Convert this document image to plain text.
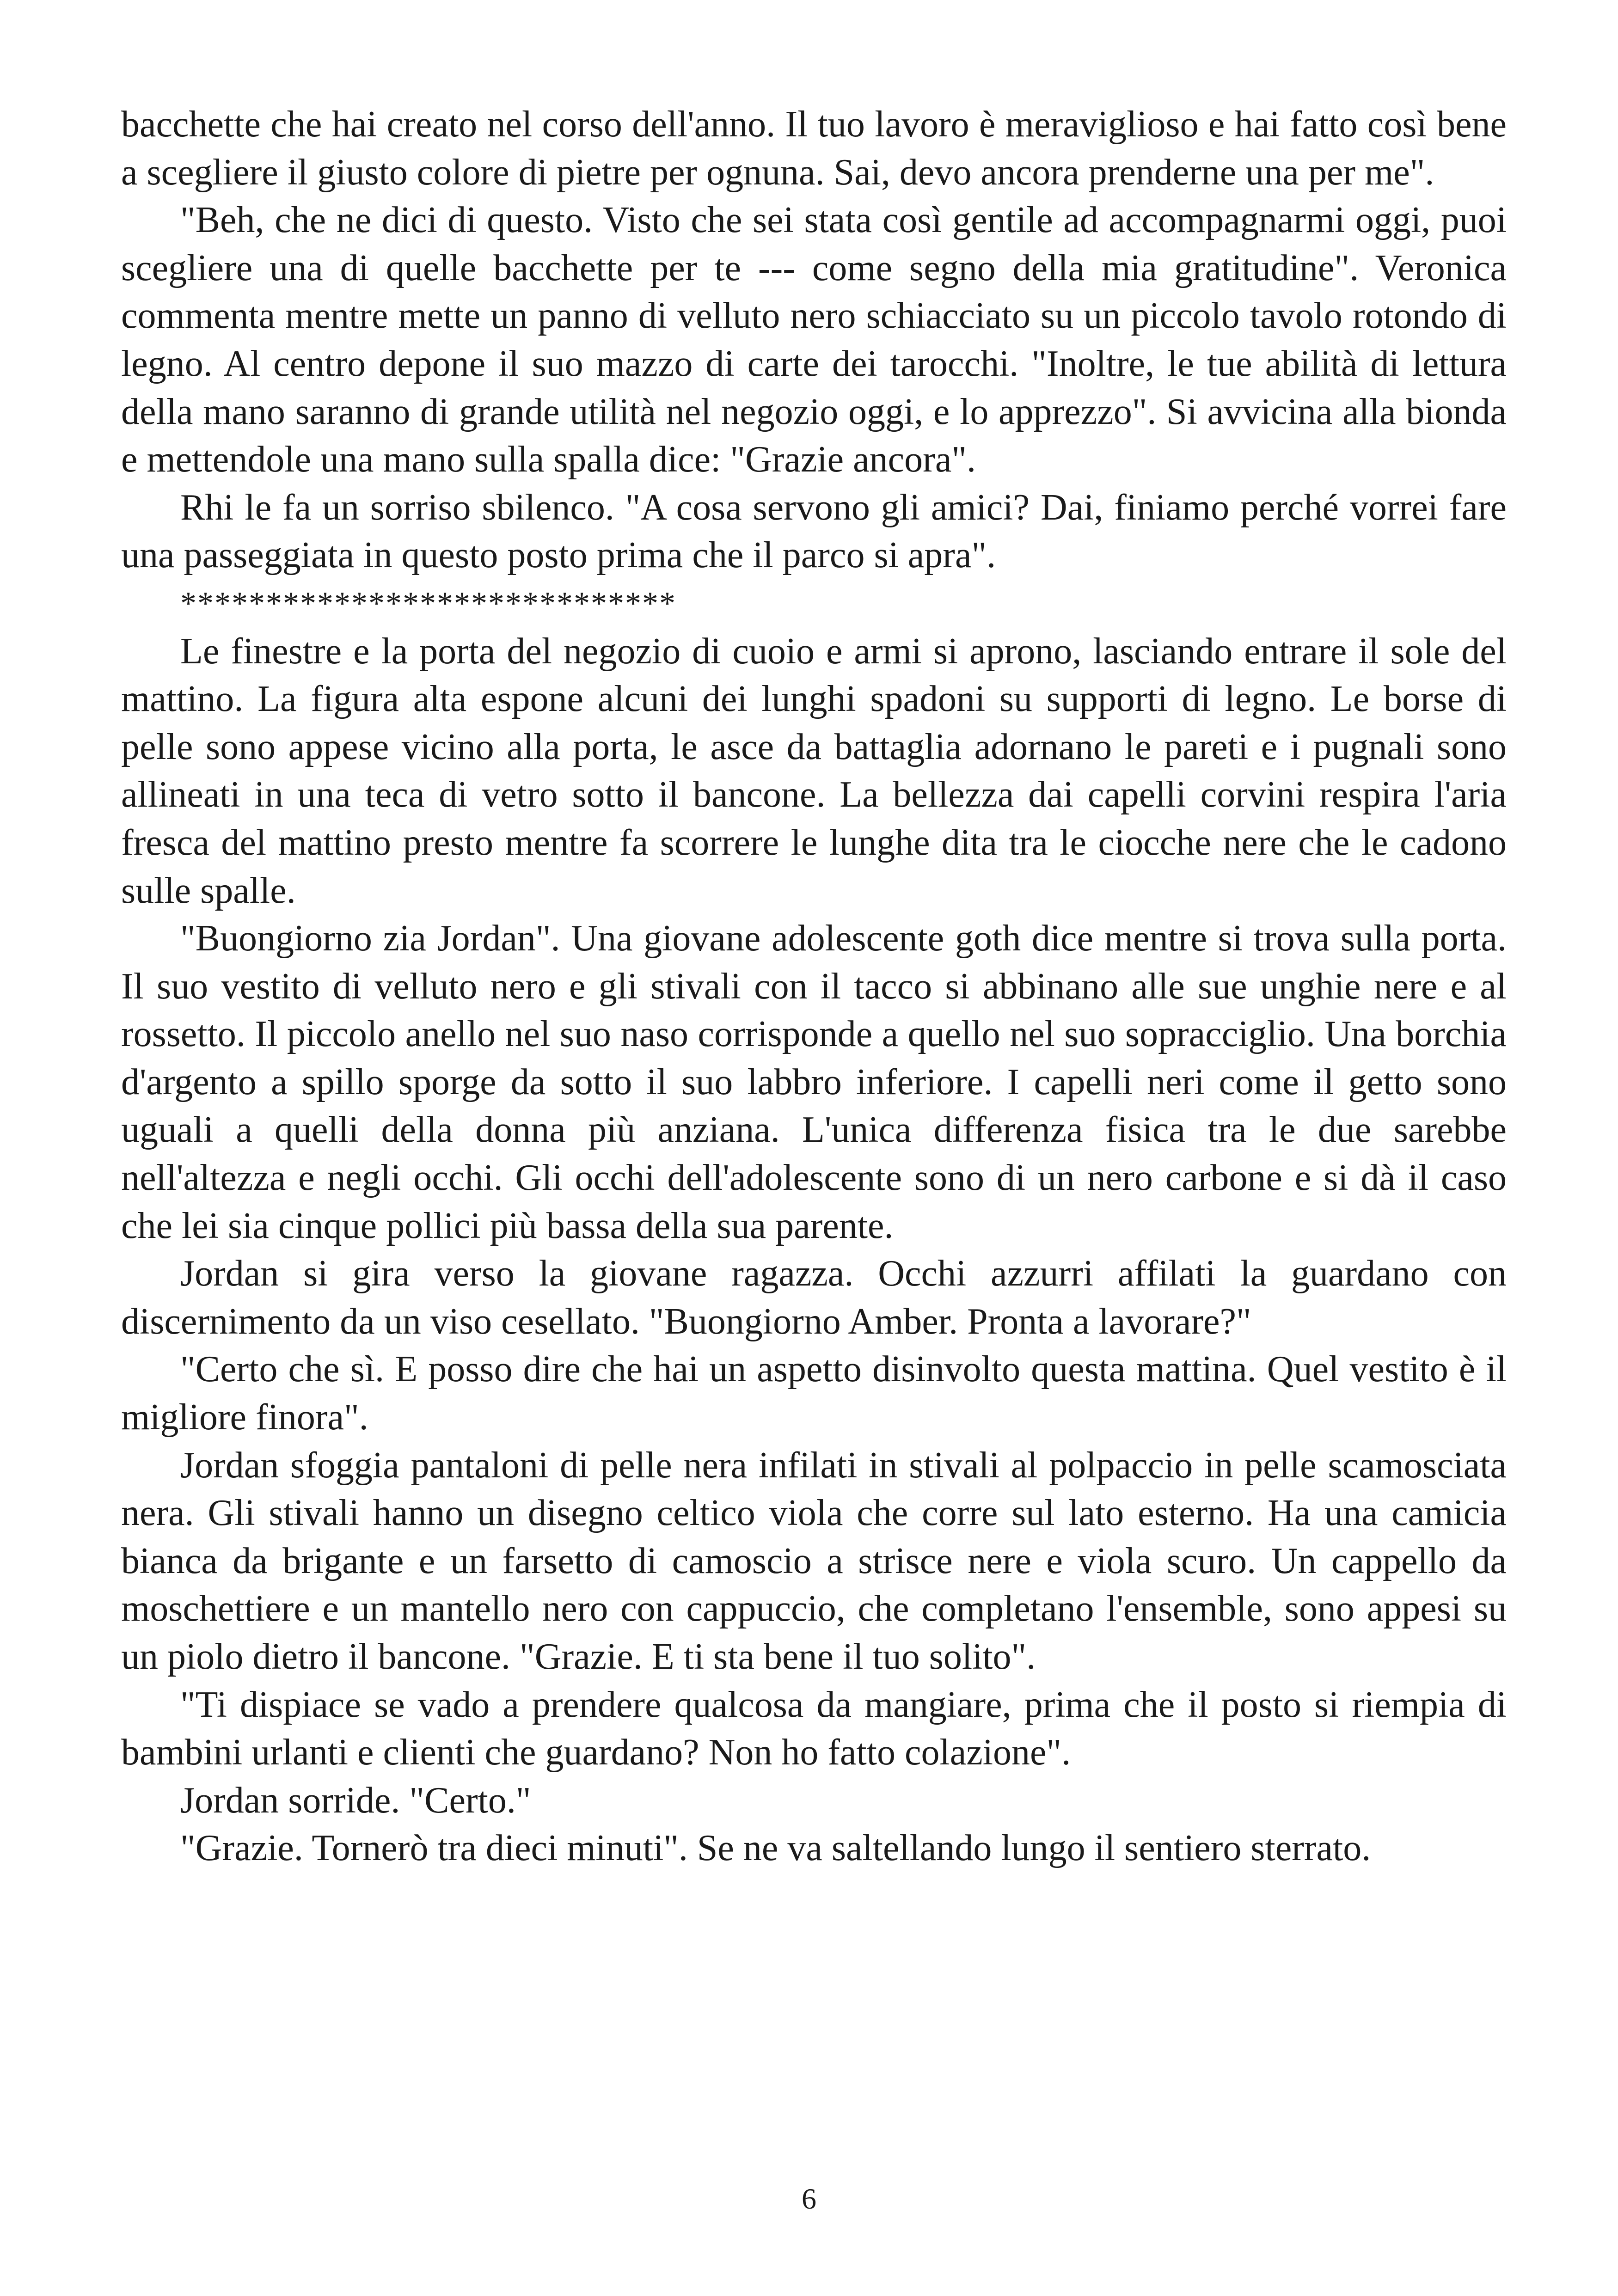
bacchette che hai creato nel corso dell'anno. Il tuo lavoro è meraviglioso e hai fatto così bene a scegliere il giusto colore di pietre per ognuna. Sai, devo ancora prenderne una per me".

"Beh, che ne dici di questo. Visto che sei stata così gentile ad accompagnarmi oggi, puoi scegliere una di quelle bacchette per te --- come segno della mia gratitudine". Veronica commenta mentre mette un panno di velluto nero schiacciato su un piccolo tavolo rotondo di legno. Al centro depone il suo mazzo di carte dei tarocchi. "Inoltre, le tue abilità di lettura della mano saranno di grande utilità nel negozio oggi, e lo apprezzo". Si avvicina alla bionda e mettendole una mano sulla spalla dice: "Grazie ancora".

Rhi le fa un sorriso sbilenco. "A cosa servono gli amici? Dai, finiamo perché vorrei fare una passeggiata in questo posto prima che il parco si apra".

*****************************

Le finestre e la porta del negozio di cuoio e armi si aprono, lasciando entrare il sole del mattino. La figura alta espone alcuni dei lunghi spadoni su supporti di legno. Le borse di pelle sono appese vicino alla porta, le asce da battaglia adornano le pareti e i pugnali sono allineati in una teca di vetro sotto il bancone. La bellezza dai capelli corvini respira l'aria fresca del mattino presto mentre fa scorrere le lunghe dita tra le ciocche nere che le cadono sulle spalle.

"Buongiorno zia Jordan". Una giovane adolescente goth dice mentre si trova sulla porta. Il suo vestito di velluto nero e gli stivali con il tacco si abbinano alle sue unghie nere e al rossetto. Il piccolo anello nel suo naso corrisponde a quello nel suo sopracciglio. Una borchia d'argento a spillo sporge da sotto il suo labbro inferiore. I capelli neri come il getto sono uguali a quelli della donna più anziana. L'unica differenza fisica tra le due sarebbe nell'altezza e negli occhi. Gli occhi dell'adolescente sono di un nero carbone e si dà il caso che lei sia cinque pollici più bassa della sua parente.

Jordan si gira verso la giovane ragazza. Occhi azzurri affilati la guardano con discernimento da un viso cesellato. "Buongiorno Amber. Pronta a lavorare?"

"Certo che sì. E posso dire che hai un aspetto disinvolto questa mattina. Quel vestito è il migliore finora".

Jordan sfoggia pantaloni di pelle nera infilati in stivali al polpaccio in pelle scamosciata nera. Gli stivali hanno un disegno celtico viola che corre sul lato esterno. Ha una camicia bianca da brigante e un farsetto di camoscio a strisce nere e viola scuro. Un cappello da moschettiere e un mantello nero con cappuccio, che completano l'ensemble, sono appesi su un piolo dietro il bancone. "Grazie. E ti sta bene il tuo solito".

"Ti dispiace se vado a prendere qualcosa da mangiare, prima che il posto si riempia di bambini urlanti e clienti che guardano? Non ho fatto colazione".

Jordan sorride. "Certo."

"Grazie. Tornerò tra dieci minuti". Se ne va saltellando lungo il sentiero sterrato.

6
